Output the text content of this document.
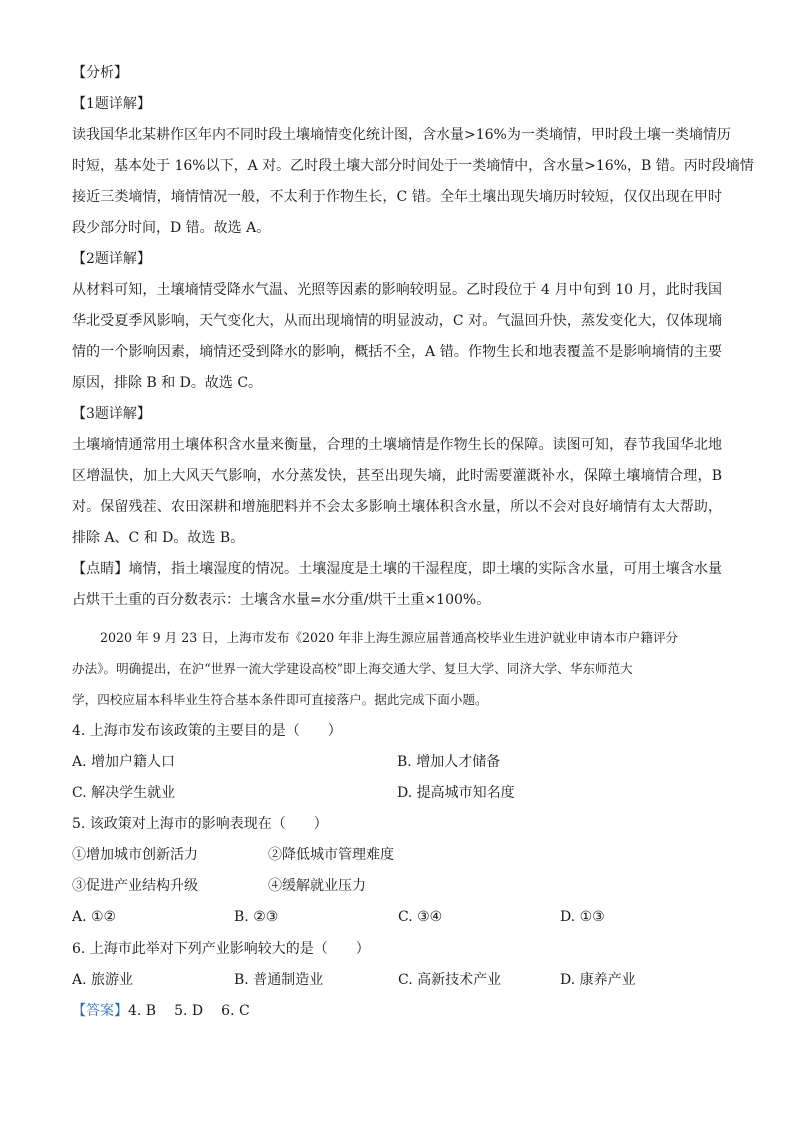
【分析】
【1题详解】
读我国华北某耕作区年内不同时段土壤墒情变化统计图，含水量>16%为一类墒情，甲时段土壤一类墒情历
时短，基本处于 16%以下，A 对。乙时段土壤大部分时间处于一类墒情中，含水量>16%，B 错。丙时段墒情
接近三类墒情，墒情情况一般，不太利于作物生长，C 错。全年土壤出现失墒历时较短，仅仅出现在甲时
段少部分时间，D 错。故选 A。
【2题详解】
从材料可知，土壤墒情受降水气温、光照等因素的影响较明显。乙时段位于 4 月中旬到 10 月，此时我国
华北受夏季风影响，天气变化大，从而出现墒情的明显波动，C 对。气温回升快，蒸发变化大，仅体现墒
情的一个影响因素，墒情还受到降水的影响，概括不全，A 错。作物生长和地表覆盖不是影响墒情的主要
原因，排除 B 和 D。故选 C。
【3题详解】
土壤墒情通常用土壤体积含水量来衡量，合理的土壤墒情是作物生长的保障。读图可知，春节我国华北地
区增温快，加上大风天气影响，水分蒸发快，甚至出现失墒，此时需要灌溉补水，保障土壤墒情合理，B
对。保留残茬、农田深耕和增施肥料并不会太多影响土壤体积含水量，所以不会对良好墒情有太大帮助，
排除 A、C 和 D。故选 B。
【点睛】墒情，指土壤湿度的情况。土壤湿度是土壤的干湿程度，即土壤的实际含水量，可用土壤含水量
占烘干土重的百分数表示：土壤含水量=水分重/烘干土重×100%。
2020 年 9 月 23 日，上海市发布《2020 年非上海生源应届普通高校毕业生进沪就业申请本市户籍评分
办法》。明确提出，在沪“世界一流大学建设高校”即上海交通大学、复旦大学、同济大学、华东师范大
学，四校应届本科毕业生符合基本条件即可直接落户。据此完成下面小题。
4. 上海市发布该政策的主要目的是（　　）
A. 增加户籍人口	B. 增加人才储备
C. 解决学生就业	D. 提高城市知名度
5. 该政策对上海市的影响表现在（　　）
①增加城市创新活力	②降低城市管理难度
③促进产业结构升级	④缓解就业压力
A. ①②	B. ②③	C. ③④	D. ①③
6. 上海市此举对下列产业影响较大的是（　　）
A. 旅游业	B. 普通制造业	C. 高新技术产业	D. 康养产业
【答案】4. B 5. D 6. C
